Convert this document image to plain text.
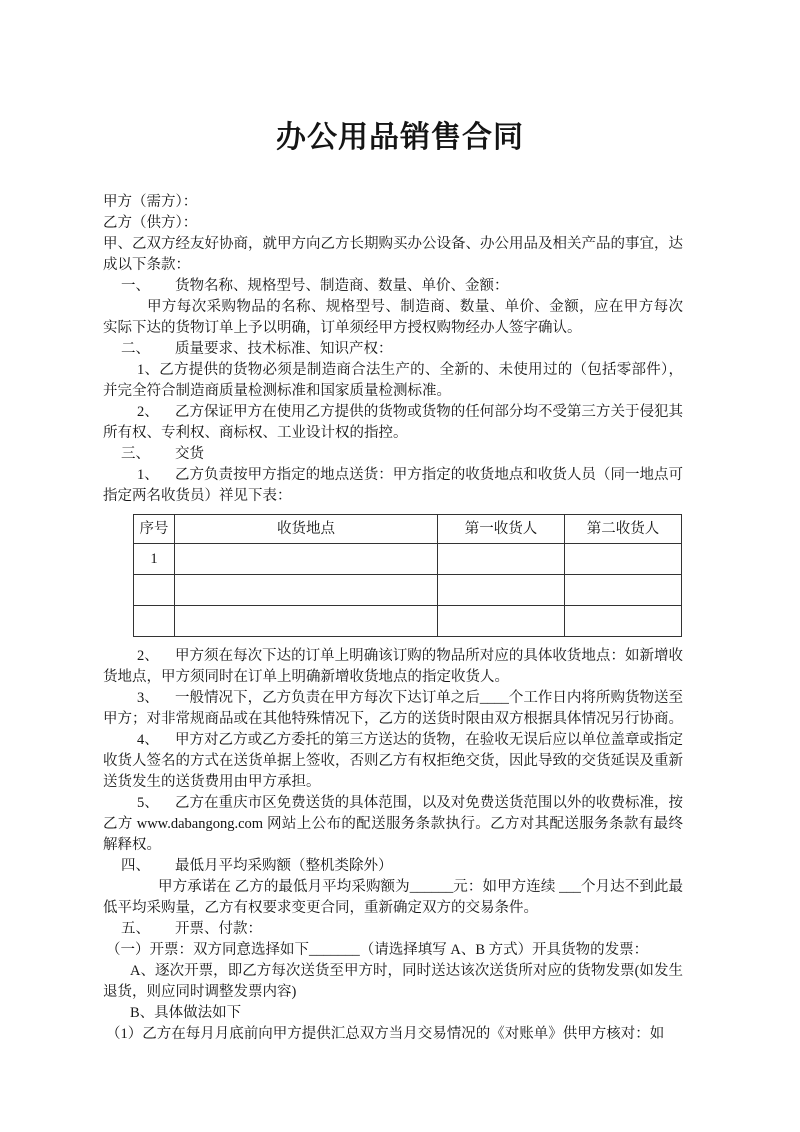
办公用品销售合同

甲方（需方）：

乙方（供方）：

甲、乙双方经友好协商，就甲方向乙方长期购买办公设备、办公用品及相关产品的事宜，达成以下条款：

一、 货物名称、规格型号、制造商、数量、单价、金额：

甲方每次采购物品的名称、规格型号、制造商、数量、单价、金额，应在甲方每次实际下达的货物订单上予以明确，订单须经甲方授权购物经办人签字确认。

二、 质量要求、技术标准、知识产权：

1、乙方提供的货物必须是制造商合法生产的、全新的、未使用过的（包括零部件），并完全符合制造商质量检测标准和国家质量检测标准。

2、 乙方保证甲方在使用乙方提供的货物或货物的任何部分均不受第三方关于侵犯其所有权、专利权、商标权、工业设计权的指控。

三、 交货

1、 乙方负责按甲方指定的地点送货：甲方指定的收货地点和收货人员（同一地点可指定两名收货员）祥见下表：

序号	收货地点	第一收货人	第二收货人
1			

2、 甲方须在每次下达的订单上明确该订购的物品所对应的具体收货地点：如新增收货地点，甲方须同时在订单上明确新增收货地点的指定收货人。

3、 一般情况下，乙方负责在甲方每次下达订单之后____个工作日内将所购货物送至甲方；对非常规商品或在其他特殊情况下，乙方的送货时限由双方根据具体情况另行协商。

4、 甲方对乙方或乙方委托的第三方送达的货物，在验收无误后应以单位盖章或指定收货人签名的方式在送货单据上签收，否则乙方有权拒绝交货，因此导致的交货延误及重新送货发生的送货费用由甲方承担。

5、 乙方在重庆市区免费送货的具体范围，以及对免费送货范围以外的收费标准，按乙方 www.dabangong.com 网站上公布的配送服务条款执行。乙方对其配送服务条款有最终解释权。

四、 最低月平均采购额（整机类除外）

甲方承诺在 乙方的最低月平均采购额为______元：如甲方连续 ___个月达不到此最低平均采购量，乙方有权要求变更合同，重新确定双方的交易条件。

五、 开票、付款：

（一）开票：双方同意选择如下_______（请选择填写 A、B 方式）开具货物的发票：

A、逐次开票，即乙方每次送货至甲方时，同时送达该次送货所对应的货物发票(如发生退货，则应同时调整发票内容)

B、具体做法如下

（1）乙方在每月月底前向甲方提供汇总双方当月交易情况的《对账单》供甲方核对：如
